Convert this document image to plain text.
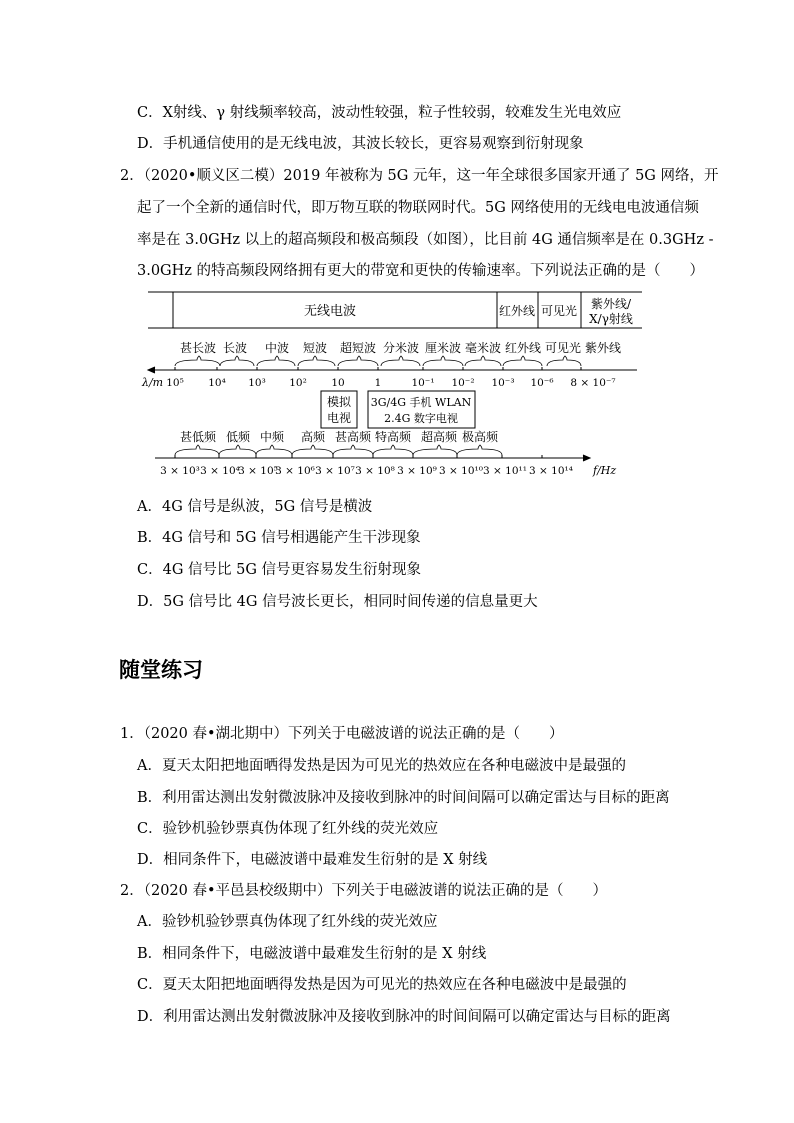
C．X射线、γ 射线频率较高，波动性较强，粒子性较弱，较难发生光电效应
D．手机通信使用的是无线电波，其波长较长，更容易观察到衍射现象
2．（2020•顺义区二模）2019 年被称为 5G 元年，这一年全球很多国家开通了 5G 网络，开
起了一个全新的通信时代，即万物互联的物联网时代。5G 网络使用的无线电电波通信频
率是在 3.0GHz 以上的超高频段和极高频段（如图），比目前 4G 通信频率是在 0.3GHz -
3.0GHz 的特高频段网络拥有更大的带宽和更快的传输速率。下列说法正确的是（　　）
无线电波	红外线 可见光 紫外线/
X/γ射线
甚长波 长波 中波 短波 超短波 分米波 厘米波 毫米波 红外线 可见光 紫外线
λ/m 10⁵ 10⁴ 10³ 10² 10	1	10⁻¹ 10⁻² 10⁻³ 10⁻⁶ 8 × 10⁻⁷
模拟
电视
3G/4G 手机 WLAN
2.4G 数字电视
甚低频 低频 中频 高频 甚高频 特高频 超高频 极高频
3 × 10³ 3 × 10⁴
3 × 10⁵
3 × 10⁶ 3 × 10⁷ 3 × 10⁸ 3 × 10⁹ 3 × 10¹⁰ 3 × 10¹¹ 3 × 10¹⁴ f/Hz
A．4G 信号是纵波，5G 信号是横波
B．4G 信号和 5G 信号相遇能产生干涉现象
C．4G 信号比 5G 信号更容易发生衍射现象
D．5G 信号比 4G 信号波长更长，相同时间传递的信息量更大
随堂练习
1．（2020 春•湖北期中）下列关于电磁波谱的说法正确的是（　　）
A．夏天太阳把地面晒得发热是因为可见光的热效应在各种电磁波中是最强的
B．利用雷达测出发射微波脉冲及接收到脉冲的时间间隔可以确定雷达与目标的距离
C．验钞机验钞票真伪体现了红外线的荧光效应
D．相同条件下，电磁波谱中最难发生衍射的是 X 射线
2．（2020 春•平邑县校级期中）下列关于电磁波谱的说法正确的是（　　）
A．验钞机验钞票真伪体现了红外线的荧光效应
B．相同条件下，电磁波谱中最难发生衍射的是 X 射线
C．夏天太阳把地面晒得发热是因为可见光的热效应在各种电磁波中是最强的
D．利用雷达测出发射微波脉冲及接收到脉冲的时间间隔可以确定雷达与目标的距离
